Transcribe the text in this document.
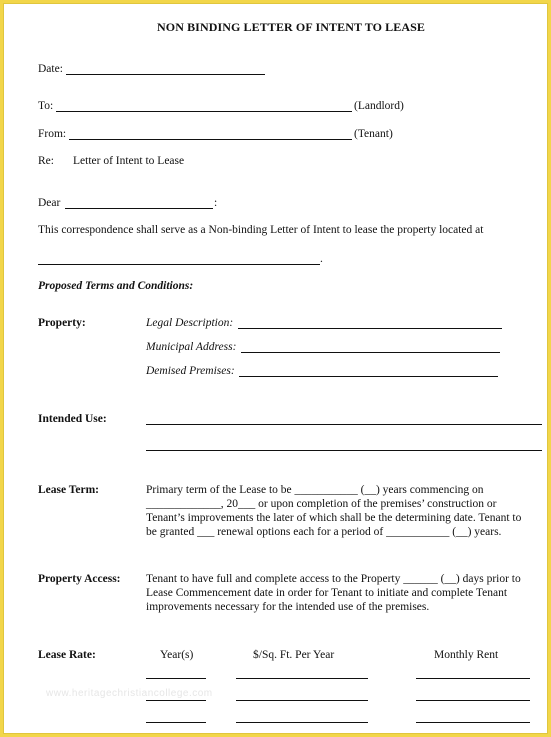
NON BINDING LETTER OF INTENT TO LEASE
Date:
To:	(Landlord)
From:	(Tenant)
Re: Letter of Intent to Lease
Dear	:
This correspondence shall serve as a Non-binding Letter of Intent to lease the property located at
.
Proposed Terms and Conditions:
Property:	Legal Description:
Municipal Address:
Demised Premises:
Intended Use:
Lease Term:	Primary term of the Lease to be ___________ (__) years commencing on
_____________, 20___ or upon completion of the premises’ construction or
Tenant’s improvements the later of which shall be the determining date. Tenant to
be granted ___ renewal options each for a period of ___________ (__) years.
Property Access: Tenant to have full and complete access to the Property ______ (__) days prior to
Lease Commencement date in order for Tenant to initiate and complete Tenant
improvements necessary for the intended use of the premises.
Lease Rate:	Year(s)	$/Sq. Ft. Per Year	Monthly Rent
www.heritagechristiancollege.com
